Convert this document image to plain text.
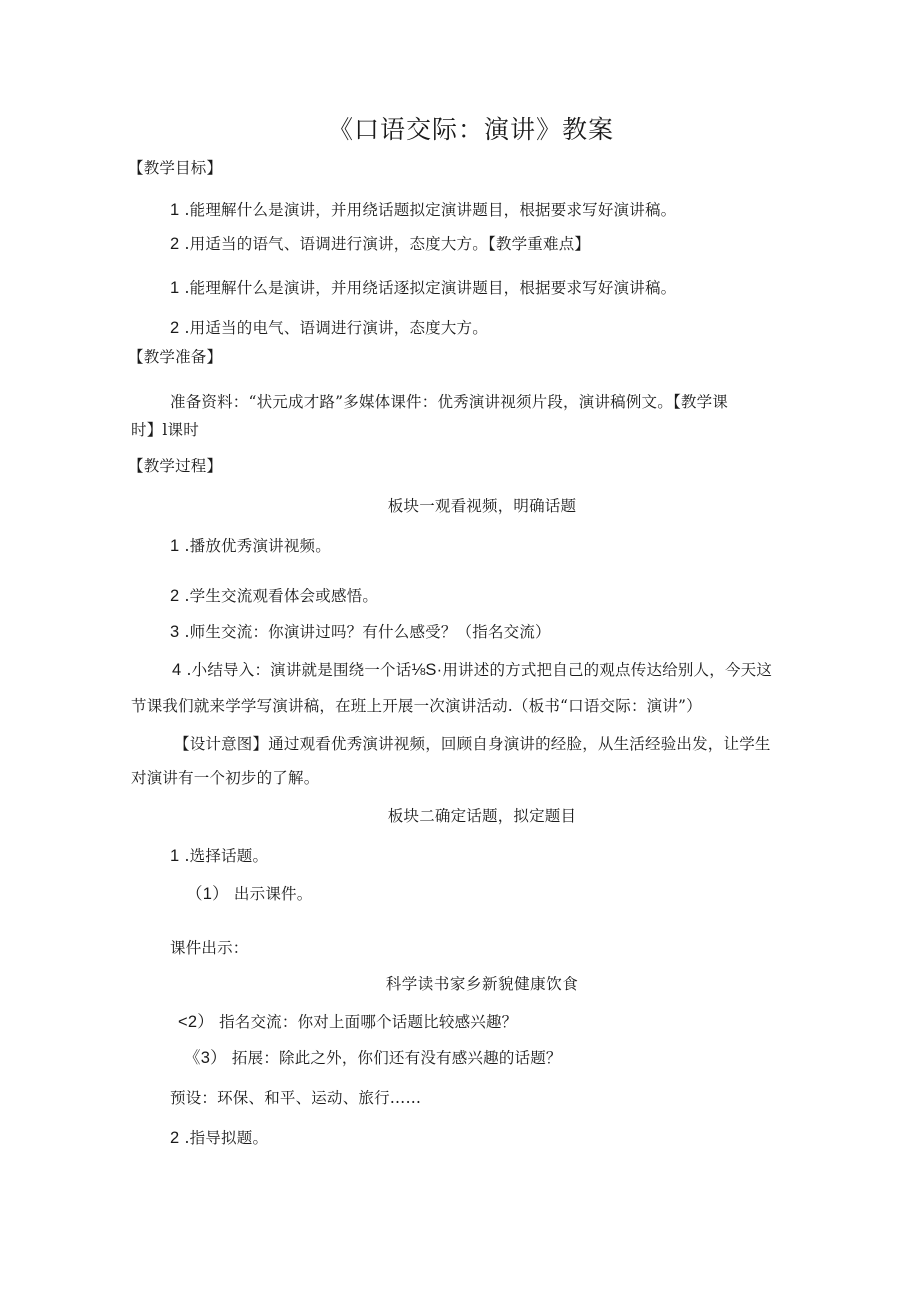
《口语交际：演讲》教案
【教学目标】
1 .能理解什么是演讲，并用绕话题拟定演讲题目，根据要求写好演讲稿。
2 .用适当的语气、语调进行演讲，态度大方。【教学重难点】
1 .能理解什么是演讲，并用绕话逐拟定演讲题目，根据要求写好演讲稿。
2 .用适当的电气、语调进行演讲，态度大方。
【教学准备】
准备资料：“状元成才路”多媒体课件：优秀演讲视须片段，演讲稿例文。【教学课
时】l课时
【教学过程】
板块一观看视频，明确话题
1 .播放优秀演讲视频。
2 .学生交流观看体会或感悟。
3 .师生交流：你演讲过吗？有什么感受？（指名交流）
4 .小结导入：演讲就是围绕一个话⅛S·用讲述的方式把自己的观点传达给别人，今天这
节课我们就来学学写演讲稿，在班上开展一次演讲活动.（板书“口语交际：演讲”）
【设计意图】通过观看优秀演讲视频，回顾自身演讲的经脸，从生活经验出发，让学生
对演讲有一个初步的了解。
板块二确定话题，拟定题目
1 .选择话题。
（1） 出示课件。
课件出示：
科学读书家乡新貌健康饮食
<2） 指名交流：你对上面哪个话题比较感兴趣？
《3） 拓展：除此之外，你们还有没有感兴趣的话题？
预设：环保、和平、运动、旅行……
2 .指导拟题。
